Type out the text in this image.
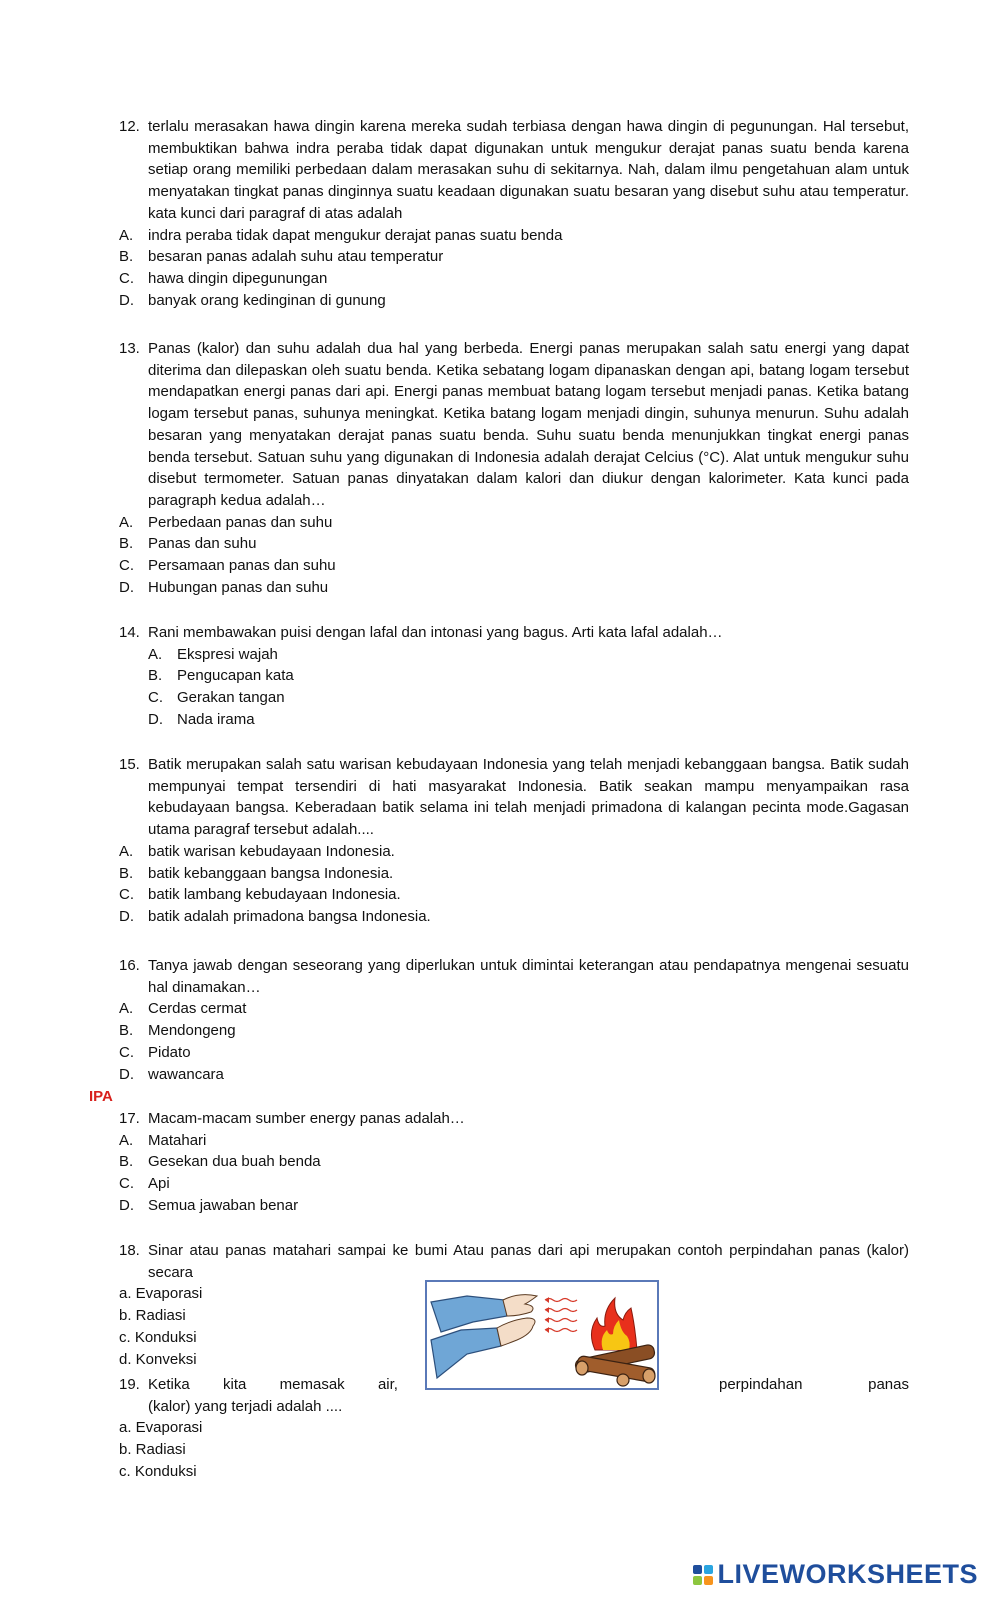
12. terlalu merasakan hawa dingin karena mereka sudah terbiasa dengan hawa dingin di pegunungan. Hal tersebut, membuktikan bahwa indra peraba tidak dapat digunakan untuk mengukur derajat panas suatu benda karena setiap orang memiliki perbedaan dalam merasakan suhu di sekitarnya. Nah, dalam ilmu pengetahuan alam untuk menyatakan tingkat panas dinginnya suatu keadaan digunakan suatu besaran yang disebut suhu atau temperatur. kata kunci dari paragraf di atas adalah
A. indra peraba tidak dapat mengukur derajat panas suatu benda
B. besaran panas adalah suhu atau temperatur
C. hawa dingin dipegunungan
D. banyak orang kedinginan di gunung
13. Panas (kalor) dan suhu adalah dua hal yang berbeda. Energi panas merupakan salah satu energi yang dapat diterima dan dilepaskan oleh suatu benda. Ketika sebatang logam dipanaskan dengan api, batang logam tersebut mendapatkan energi panas dari api. Energi panas membuat batang logam tersebut menjadi panas. Ketika batang logam tersebut panas, suhunya meningkat. Ketika batang logam menjadi dingin, suhunya menurun. Suhu adalah besaran yang menyatakan derajat panas suatu benda. Suhu suatu benda menunjukkan tingkat energi panas benda tersebut. Satuan suhu yang digunakan di Indonesia adalah derajat Celcius (°C). Alat untuk mengukur suhu disebut termometer. Satuan panas dinyatakan dalam kalori dan diukur dengan kalorimeter. Kata kunci pada paragraph kedua adalah…
A. Perbedaan panas dan suhu
B. Panas dan suhu
C. Persamaan panas dan suhu
D. Hubungan panas dan suhu
14. Rani membawakan puisi dengan lafal dan intonasi yang bagus. Arti kata lafal adalah…
A. Ekspresi wajah
B. Pengucapan kata
C. Gerakan tangan
D. Nada irama
15. Batik merupakan salah satu warisan kebudayaan Indonesia yang telah menjadi kebanggaan bangsa. Batik sudah mempunyai tempat tersendiri di hati masyarakat Indonesia. Batik seakan mampu menyampaikan rasa kebudayaan bangsa. Keberadaan batik selama ini telah menjadi primadona di kalangan pecinta mode.Gagasan utama paragraf tersebut adalah....
A. batik warisan kebudayaan Indonesia.
B. batik kebanggaan bangsa Indonesia.
C. batik lambang kebudayaan Indonesia.
D. batik adalah primadona bangsa Indonesia.
16. Tanya jawab dengan seseorang yang diperlukan untuk dimintai keterangan atau pendapatnya mengenai sesuatu hal dinamakan…
A. Cerdas cermat
B. Mendongeng
C. Pidato
D. wawancara
IPA
17. Macam-macam sumber energy panas adalah…
A. Matahari
B. Gesekan dua buah benda
C. Api
D. Semua jawaban benar
18. Sinar atau panas matahari sampai ke bumi Atau panas dari api merupakan contoh perpindahan panas (kalor) secara
a. Evaporasi
b. Radiasi
c. Konduksi
d. Konveksi
19. Ketika kita memasak air,	perpindahan	panas
(kalor) yang terjadi adalah ....
a. Evaporasi
b. Radiasi
c. Konduksi
LIVEWORKSHEETS
